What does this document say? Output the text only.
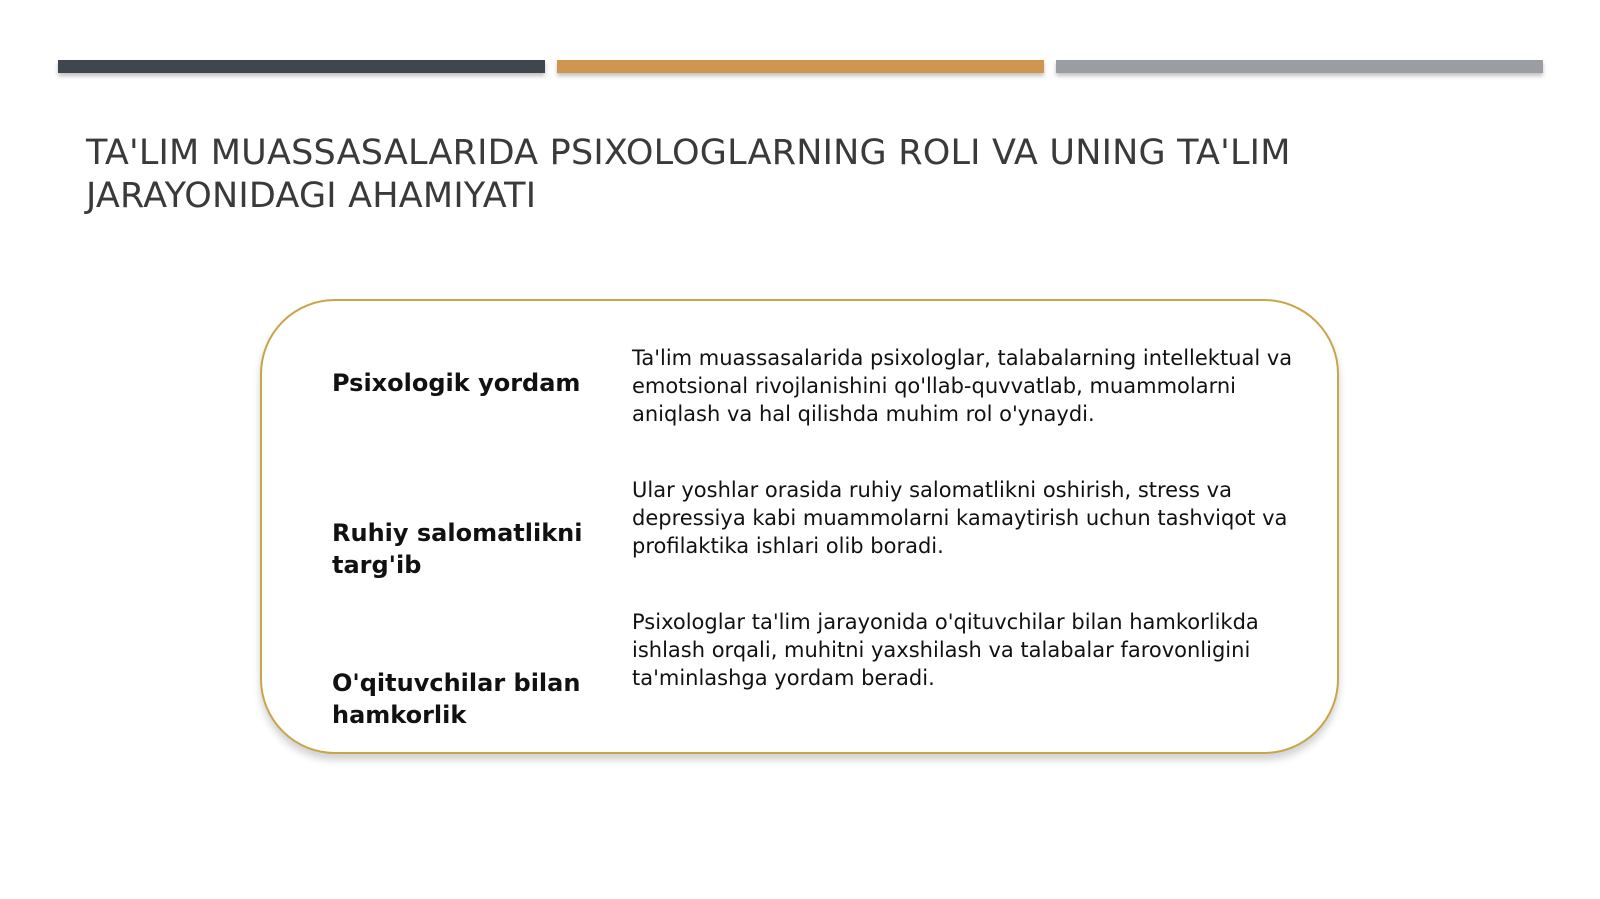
TA'LIM MUASSASALARIDA PSIXOLOGLARNING ROLI VA UNING TA'LIM JARAYONIDAGI AHAMIYATI
Psixologik yordam
Ta'lim muassasalarida psixologlar, talabalarning intellektual va emotsional rivojlanishini qo'llab-quvvatlab, muammolarni aniqlash va hal qilishda muhim rol o'ynaydi.
Ruhiy salomatlikni targ'ib
Ular yoshlar orasida ruhiy salomatlikni oshirish, stress va depressiya kabi muammolarni kamaytirish uchun tashviqot va profilaktika ishlari olib boradi.
O'qituvchilar bilan hamkorlik
Psixologlar ta'lim jarayonida o'qituvchilar bilan hamkorlikda ishlash orqali, muhitni yaxshilash va talabalar farovonligini ta'minlashga yordam beradi.
